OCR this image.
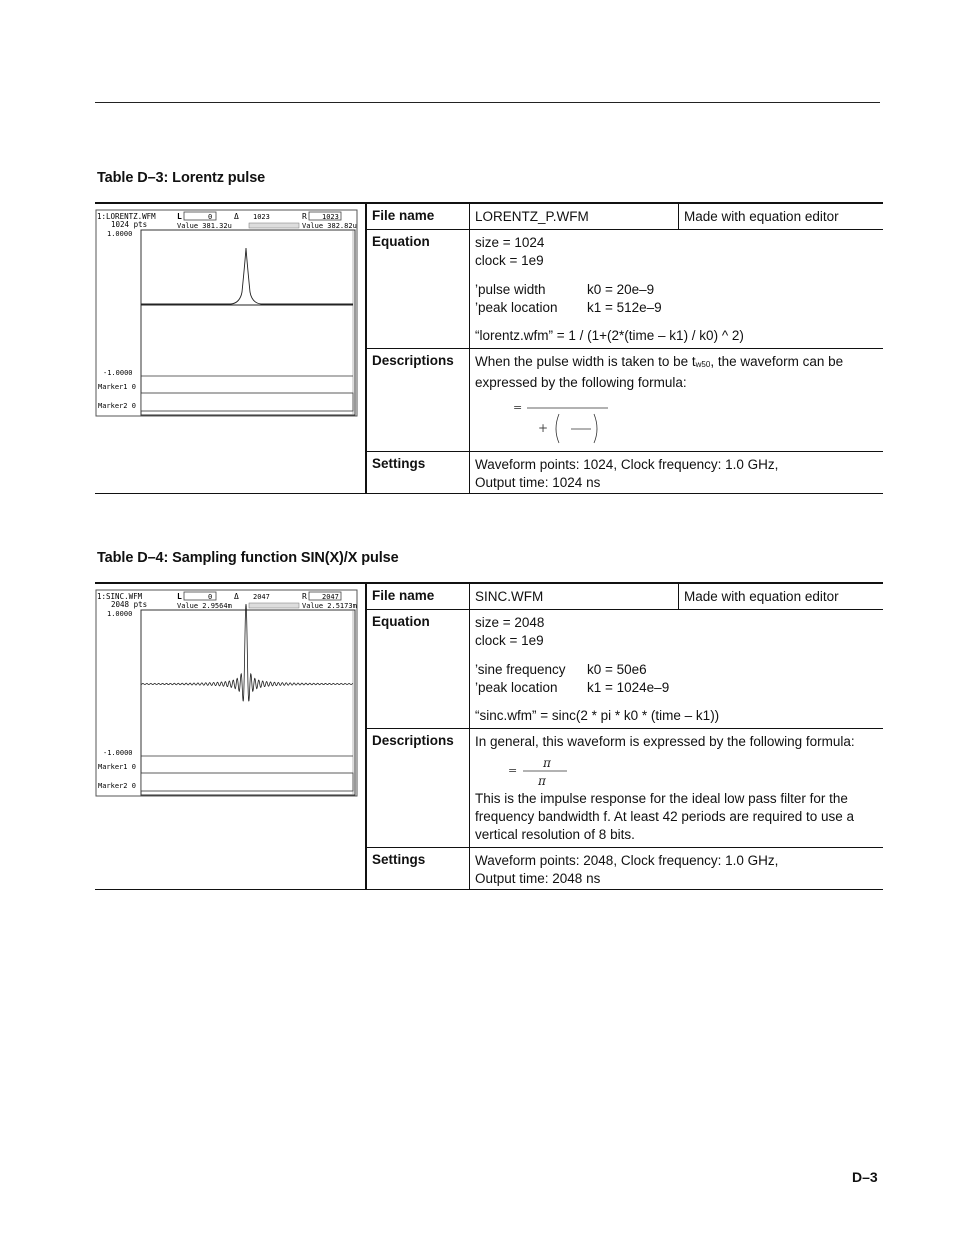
Table D–3: Lorentz pulse
1:LORENTZ.WFM
1024 pts
L	0	Δ 1023	R 1023
Value 381.32u	Value 382.82u
1.0000
-1.0000
Marker1 0
Marker2 0
File name	LORENTZ_P.WFM	Made with equation editor
Equation	size = 1024
clock = 1e9
’pulse width	k0 = 20e–9
’peak location k1 = 512e–9
“lorentz.wfm” = 1 / (1+(2*(time – k1) / k0) ^ 2)
Descriptions When the pulse width is taken to be $t_{w50}$, the waveform can be expressed by the following formula:
=
+
Settings	Waveform points: 1024, Clock frequency: 1.0 GHz,
Output time: 1024 ns
Table D–4: Sampling function SIN(X)/X pulse
1:SINC.WFM
2048 pts
L	0	Δ 2047	R 2047
Value 2.9564m	Value 2.5173m
1.0000
-1.0000
Marker1 0
Marker2 0
File name	SINC.WFM	Made with equation editor
Equation	size = 2048
clock = 1e9
’sine frequency k0 = 50e6
’peak location k1 = 1024e–9
“sinc.wfm” = sinc(2 * pi * k0 * (time – k1))
Descriptions In general, this waveform is expressed by the following formula:
=
π
π
This is the impulse response for the ideal low pass filter for the frequency bandwidth f. At least 42 periods are required to use a vertical resolution of 8 bits.
Settings	Waveform points: 2048, Clock frequency: 1.0 GHz,
Output time: 2048 ns
D–3
